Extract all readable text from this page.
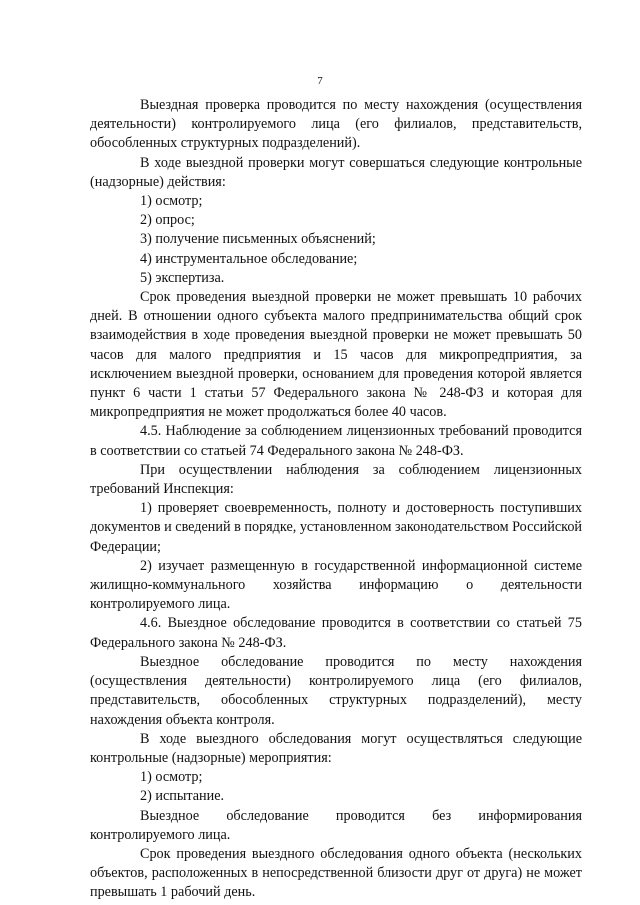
7

Выездная проверка проводится по месту нахождения (осуществления деятельности) контролируемого лица (его филиалов, представительств, обособленных структурных подразделений).

В ходе выездной проверки могут совершаться следующие контрольные (надзорные) действия:

1) осмотр;

2) опрос;

3) получение письменных объяснений;

4) инструментальное обследование;

5) экспертиза.

Срок проведения выездной проверки не может превышать 10 рабочих дней. В отношении одного субъекта малого предпринимательства общий срок взаимодействия в ходе проведения выездной проверки не может превышать 50 часов для малого предприятия и 15 часов для микропредприятия, за исключением выездной проверки, основанием для проведения которой является пункт 6 части 1 статьи 57 Федерального закона № 248-ФЗ и которая для микропредприятия не может продолжаться более 40 часов.

4.5. Наблюдение за соблюдением лицензионных требований проводится в соответствии со статьей 74 Федерального закона № 248-ФЗ.

При осуществлении наблюдения за соблюдением лицензионных требований Инспекция:

1) проверяет своевременность, полноту и достоверность поступивших документов и сведений в порядке, установленном законодательством Российской Федерации;

2) изучает размещенную в государственной информационной системе жилищно-коммунального хозяйства информацию о деятельности контролируемого лица.

4.6. Выездное обследование проводится в соответствии со статьей 75 Федерального закона № 248-ФЗ.

Выездное обследование проводится по месту нахождения (осуществления деятельности) контролируемого лица (его филиалов, представительств, обособленных структурных подразделений), месту нахождения объекта контроля.

В ходе выездного обследования могут осуществляться следующие контрольные (надзорные) мероприятия:

1) осмотр;

2) испытание.

Выездное обследование проводится без информирования контролируемого лица.

Срок проведения выездного обследования одного объекта (нескольких объектов, расположенных в непосредственной близости друг от друга) не может превышать 1 рабочий день.
